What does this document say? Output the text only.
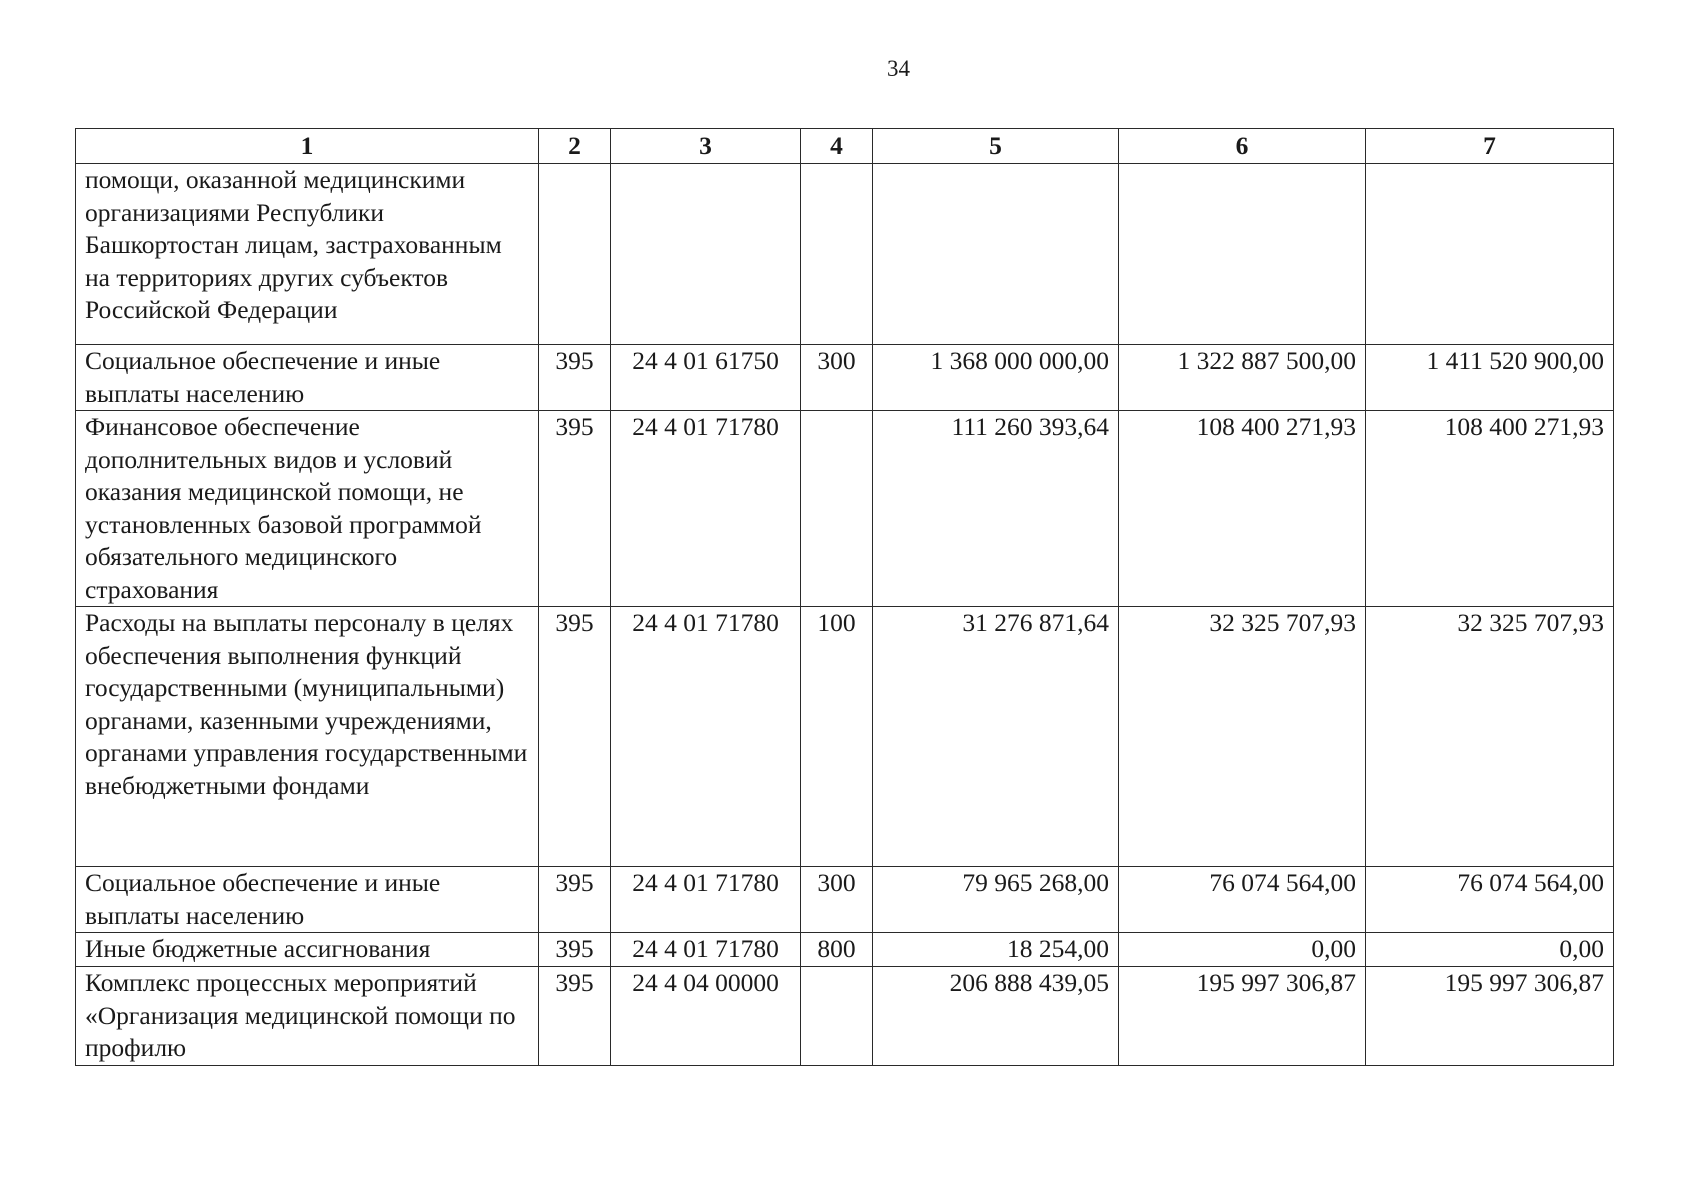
34
1	2	3	4	5	6	7
помощи, оказанной медицинскими организациями Республики Башкортостан лицам, застрахованным на территориях других субъектов Российской Федерации						
Социальное обеспечение и иные выплаты населению	395	24 4 01 61750	300	1 368 000 000,00	1 322 887 500,00	1 411 520 900,00
Финансовое обеспечение дополнительных видов и условий оказания медицинской помощи, не установленных базовой программой обязательного медицинского страхования	395	24 4 01 71780		111 260 393,64	108 400 271,93	108 400 271,93
Расходы на выплаты персоналу в целях обеспечения выполнения функций государственными (муниципальными) органами, казенными учреждениями, органами управления государственными внебюджетными фондами	395	24 4 01 71780	100	31 276 871,64	32 325 707,93	32 325 707,93
Социальное обеспечение и иные выплаты населению	395	24 4 01 71780	300	79 965 268,00	76 074 564,00	76 074 564,00
Иные бюджетные ассигнования	395	24 4 01 71780	800	18 254,00	0,00	0,00
Комплекс процессных мероприятий «Организация медицинской помощи по профилю	395	24 4 04 00000		206 888 439,05	195 997 306,87	195 997 306,87
